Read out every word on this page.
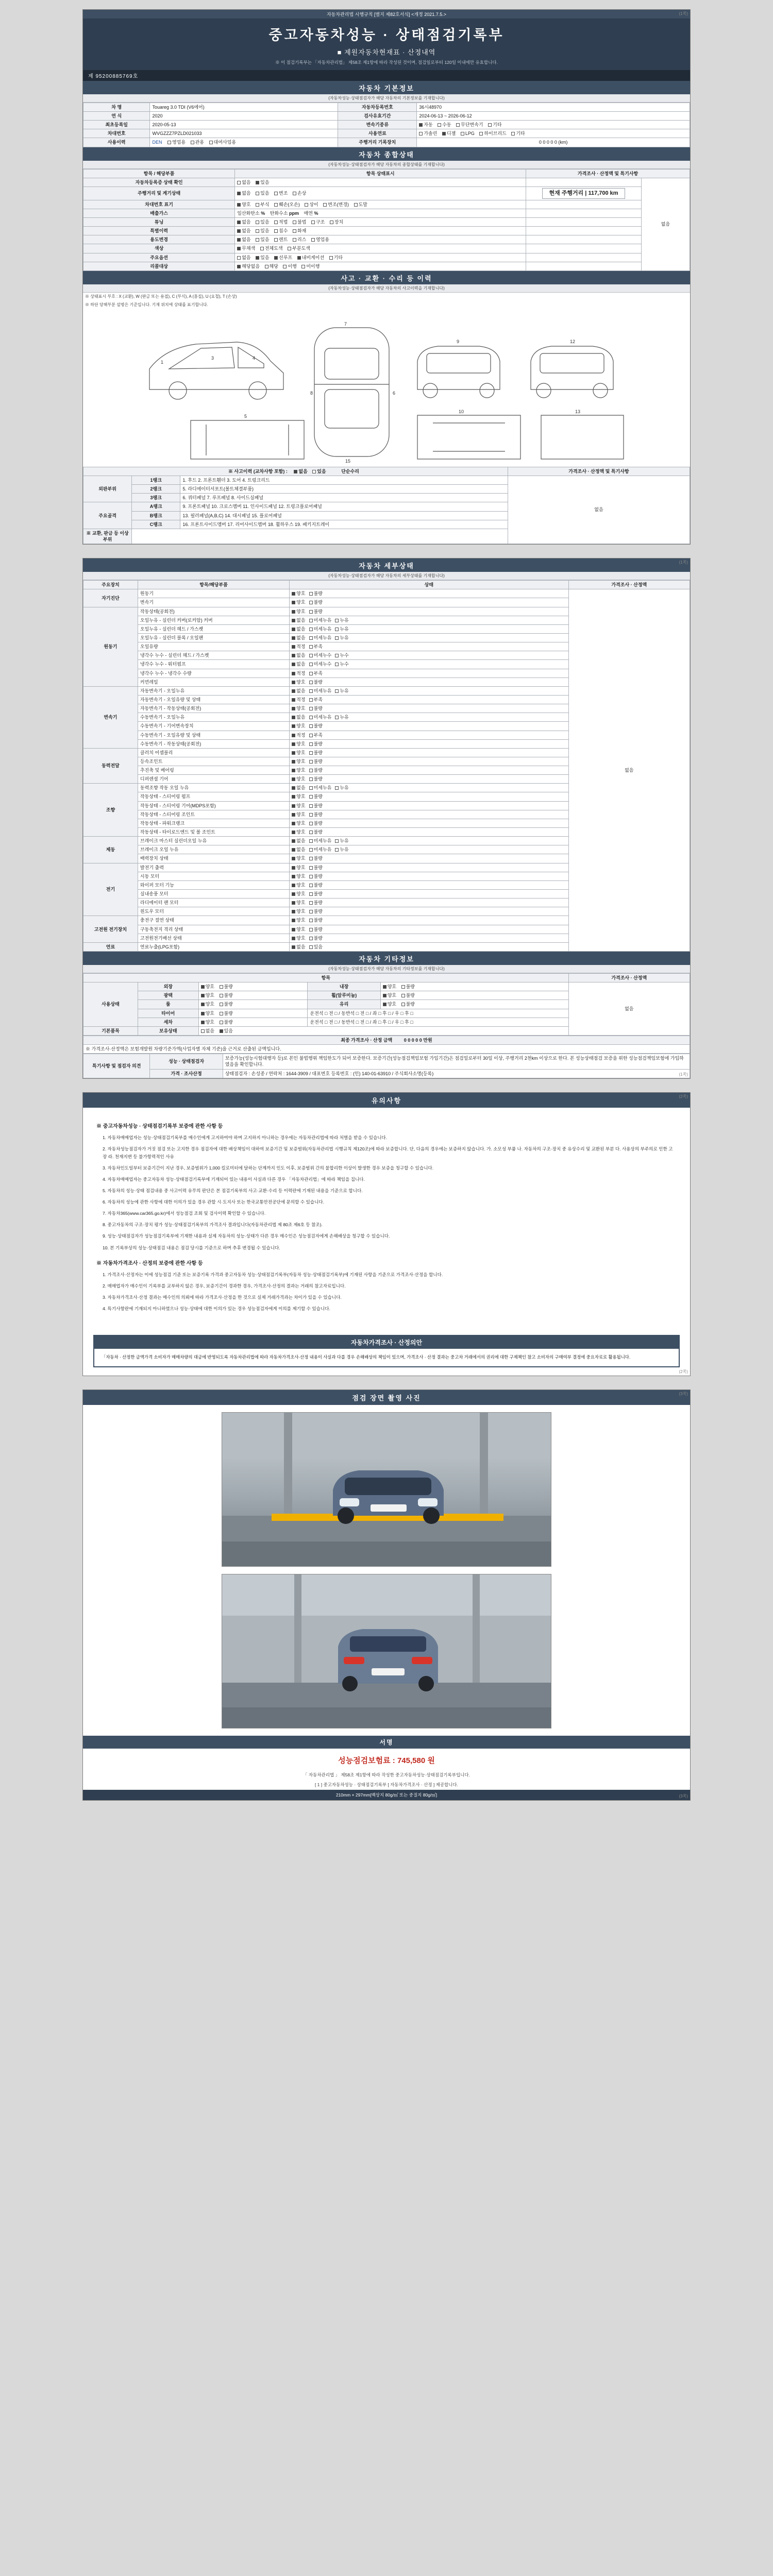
(1쪽)
자동차관리법 시행규칙 [별지 제82호서식] <개정 2021.7.5.>
중고자동차성능 · 상태점검기록부
■ 제원자동차현재표 · 산정내역
※ 이 점검기록부는 「자동차관리법」 제58조 제1항에 따라 작성된 것이며, 점검일로부터 120일 이내에만 유효합니다.
제 95200885769호
자동차 기본정보
(자동차성능·상태점검자가 해당 자동차의 기본정보를 기재합니다)
차 명	Touareg 3.0 TDI (V6에어)	자동차등록번호	36시48970
연 식	2020	검사유효기간	2024-06-13 ~ 2026-06-12
최초등록일	2020-05-13	변속기종류	자동 수동 무단변속기 기타
차대번호	WVGZZZ7PZLD021033	사용연료	가솔린 디젤 LPG 하이브리드 기타
사용이력	DEN 영업용 관용 대여사업용	주행거리 기록장치	0 0 0 0 0 (km)
자동차 종합상태
(자동차성능·상태점검자가 해당 자동차의 종합상태를 기재합니다)
항목 / 해당부품	항목 상태표시	가격조사 · 산정액 및 특기사항	
자동차등록증 상태 확인	없음 있음		없음
주행거리 및 계기상태	없음 있음 변조 손상	현재 주행거리 | 117,700 km	
차대번호 표기	양호 부식 훼손(오손) 상이 변조(변경) 도말		
배출가스	일산화탄소 % 탄화수소 ppm 매연 %		
튜닝	없음 있음 적법 불법 구조 장치		
특별이력	없음 있음 침수 화재		
용도변경	없음 있음 렌트 리스 영업용		
색상	무채색 전체도색 부분도색		
주요옵션	없음 있음 선루프 내비게이션 기타		
리콜대상	해당없음 해당 이행 미이행		
사고 · 교환 · 수리 등 이력
(자동차성능·상태점검자가 해당 자동차의 사고이력을 기재합니다)
※ 상태표시 부호 : X (교환), W (판금 또는 용접), C (부식), A (흠집), U (요철), T (손상)
※ 하단 당해부분 설명은 기준입니다. 기재 위치에 상태를 표기합니다.
1
3	4
7
8	6
9	12
5
15
10	13
※ 사고이력 (교차사항 포함) : 없음 있음 단순수리			가격조사 · 산정액 및 특기사항
외판부위	1랭크	1. 후드 2. 프론트휀더 3. 도어 4. 트렁크리드	없음
	2랭크	5. 라디에이터서포트(볼트체결부품)	
	3랭크	6. 쿼터패널 7. 루프패널 8. 사이드실패널	
주요골격	A랭크	9. 프론트패널 10. 크로스멤버 11. 인사이드패널 12. 트렁크플로어패널	
	B랭크	13. 필러패널(A,B,C) 14. 대시패널 15. 플로어패널	
	C랭크	16. 프론트사이드멤버 17. 리어사이드멤버 18. 휠하우스 19. 패키지트레이	
※ 교환, 판금 등 이상 부위			
(1쪽)
자동차 세부상태
(자동차성능·상태점검자가 해당 자동차의 세부상태를 기재합니다)
주요장치	항목/해당부품	상태	가격조사 · 산정액
자기진단	원동기	양호 불량	없음
	변속기	양호 불량	
원동기	작동상태(공회전)	양호 불량	
	오일누유 - 실린더 커버(로커암) 커버	없음 미세누유 누유	
	오일누유 - 실린더 헤드 / 가스켓	없음 미세누유 누유	
	오일누유 - 실린더 블록 / 오일팬	없음 미세누유 누유	
	오일유량	적정 부족	
	냉각수 누수 - 실린더 헤드 / 가스켓	없음 미세누수 누수	
	냉각수 누수 - 워터펌프	없음 미세누수 누수	
	냉각수 누수 - 냉각수 수량	적정 부족	
	커먼레일	양호 불량	
변속기	자동변속기 - 오일누유	없음 미세누유 누유	
	자동변속기 - 오일유량 및 상태	적정 부족	
	자동변속기 - 작동상태(공회전)	양호 불량	
	수동변속기 - 오일누유	없음 미세누유 누유	
	수동변속기 - 기어변속장치	양호 불량	
	수동변속기 - 오일유량 및 상태	적정 부족	
	수동변속기 - 작동상태(공회전)	양호 불량	
동력전달	클러치 어셈블리	양호 불량	
	등속조인트	양호 불량	
	추진축 및 베어링	양호 불량	
	디퍼렌셜 기어	양호 불량	
조향	동력조향 작동 오일 누유	없음 미세누유 누유	
	작동상태 - 스티어링 펌프	양호 불량	
	작동상태 - 스티어링 기어(MDPS포함)	양호 불량	
	작동상태 - 스티어링 조인트	양호 불량	
	작동상태 - 파워크랭크	양호 불량	
	작동상태 - 타이로드엔드 및 볼 조인트	양호 불량	
제동	브레이크 마스터 실린더오일 누유	없음 미세누유 누유	
	브레이크 오일 누유	없음 미세누유 누유	
	배력장치 상태	양호 불량	
전기	발전기 출력	양호 불량	
	시동 모터	양호 불량	
	와이퍼 모터 기능	양호 불량	
	실내송풍 모터	양호 불량	
	라디에이터 팬 모터	양호 불량	
	윈도우 모터	양호 불량	
고전원 전기장치	충전구 절연 상태	양호 불량	
	구동축전지 격리 상태	양호 불량	
	고전원전기배선 상태	양호 불량	
연료	연료누출(LPG포함)	없음 있음	
자동차 기타정보
(자동차성능·상태점검자가 해당 자동차의 기타정보를 기재합니다)
항목					가격조사 · 산정액
사용상태	외장	양호 불량	내장	양호 불량	없음
	광택	양호 불량	휠(알루미늄)	양호 불량	
	룸	양호 불량	유리	양호 불량	
	타이어	양호 불량	운전석 □ 전 □ / 동반석 □ 전 □ / 좌 □ 후 □ / 우 □ 후 □		
	세차	양호 불량	운전석 □ 전 □ / 동반석 □ 전 □ / 좌 □ 후 □ / 우 □ 후 □		
기본품목	보유상태	없음 있음			
최종 가격조사 · 산정 금액	0 0 0 0 0 만원
※ 가격조사·산정액은 보험개발원 차량기준가액(사업자별 자체 기준)을 근거로 산출된 금액입니다.
특기사항 및 점검자 의견	성능 · 상태점검자	보증가능(성능시험대행자 등)로 본인 불법행위 책임한도가 되어 보증한다. 보증기간(성능점검책임보험 가입기간)은 점검일로부터 30일 이상, 주행거리 2천km 이상으로 한다. 본 성능상태점검 보증을 위한 성능점검책임보험에 가입하였음을 확인합니다.
	가격 · 조사산정	상태점검자 : 손성종 / 연락처 : 1644-3909 / 대표번호 등록번호 : (인) 140-01-63910 / 주식회사소명(등록)	(1쪽)
(2쪽)
유의사항
※ 중고자동차성능 · 상태점검기록부 보증에 관한 사항 등

1. 자동차매매업자는 성능·상태점검기록부를 매수인에게 고지하여야 하며 고지하지 아니하는 경우에는 자동차관리법에 따라 처벌을 받을 수 있습니다.

2. 자동차성능점검자가 거짓 점검 또는 고지한 경우 점검자에 대한 배상책임이 대하여 보증기간 및 보증범위(자동차관리법 시행규칙 제120조)에 따라 보증합니다. 단, 다음의 경우에는 보증하지 않습니다. 가. 소모성 부품 나. 자동차의 구조·장치 중 유상수리 및 교환된 부분 다. 사용상의 부주의로 인한 고장 라. 천재지변 등 불가항력적인 사유

3. 자동차인도일부터 보증기간이 지난 경우, 보증범위가 1,000 킬로미터에 달하는 단계까지 인도 이후, 보증범위 간의 불합리한 이상이 발생한 경우 보증을 청구할 수 있습니다.

4. 자동차매매업자는 중고자동차 성능·상태점검기록부에 기재되어 있는 내용이 사실과 다른 경우 「자동차관리법」에 따라 책임을 집니다.

5. 자동차의 성능·상태 점검내용 중 사고이력 유무의 판단은 본 점검기록부의 사고·교환·수리 등 이력란에 기재된 내용을 기준으로 합니다.

6. 자동차의 성능에 관한 사항에 대한 이의가 있을 경우 관할 시·도지사 또는 한국교통안전공단에 문의할 수 있습니다.

7. 자동차365(www.car365.go.kr)에서 성능점검 조회 및 검사이력 확인할 수 있습니다.

8. 중고자동차의 구조·장치 평가 성능·상태점검기록부의 가격조사 결과입니다(자동차관리법 제 80조 제6호 등 참조).

9. 성능·상태점검자가 성능점검기록부에 기재한 내용과 실제 자동차의 성능·상태가 다른 경우 매수인은 성능점검자에게 손해배상을 청구할 수 있습니다.

10. 본 기록부상의 성능·상태점검 내용은 점검 당시를 기준으로 하며 추후 변경될 수 있습니다.

※ 자동차가격조사 · 산정의 보증에 관한 사항 등

1. 가격조사·산정자는 이에 성능점검 기준 또는 보증기록 가격과 중고자동차 성능·상태점검기록부(자동차 성능·상태점검기록부)에 기재된 사항을 기준으로 가격조사·산정을 합니다.

2. 매매업자가 매수인이 기록부를 교부하지 않은 경우, 보증기간이 경과한 경우, 가격조사·산정의 결과는 거래의 참고자료입니다.

3. 자동차가격조사·산정 결과는 매수인의 의뢰에 따라 가격조사·산정을 한 것으로 실제 거래가격과는 차이가 있을 수 있습니다.

4. 특기사항란에 기재되지 아니하였으나 성능·상태에 대한 이의가 있는 경우 성능점검자에게 이의를 제기할 수 있습니다.

자동차가격조사 · 산정의안
「자동차 · 산정한 금액가격 소비자가 매매차량의 대금에 반영되도록 자동차관리법에 따라 자동차가격조사·산정 내용이 사실과 다를 경우 손해배상의 책임이 있으며, 가격조사 · 산정 결과는 중고차 거래에서의 권리에 대한 구제책인 참고 소비자의 구매여부 결정에 중요자료로 활용됩니다.
(2쪽)
(3쪽)
점검 장면 촬영 사진
서명
성능점검보험료 : 745,580 원
「 자동차관리법 」 제58조 제1항에 따라 작성한 중고자동차성능·상태점검기록부입니다.
[ 1 ] 중고자동차성능 · 상태점검기록부 [ 자동차가격조사 · 산정 ] 제공합니다.
210mm × 297mm[백상지 80g/㎡ 또는 중질지 80g/㎡]	(3쪽)
